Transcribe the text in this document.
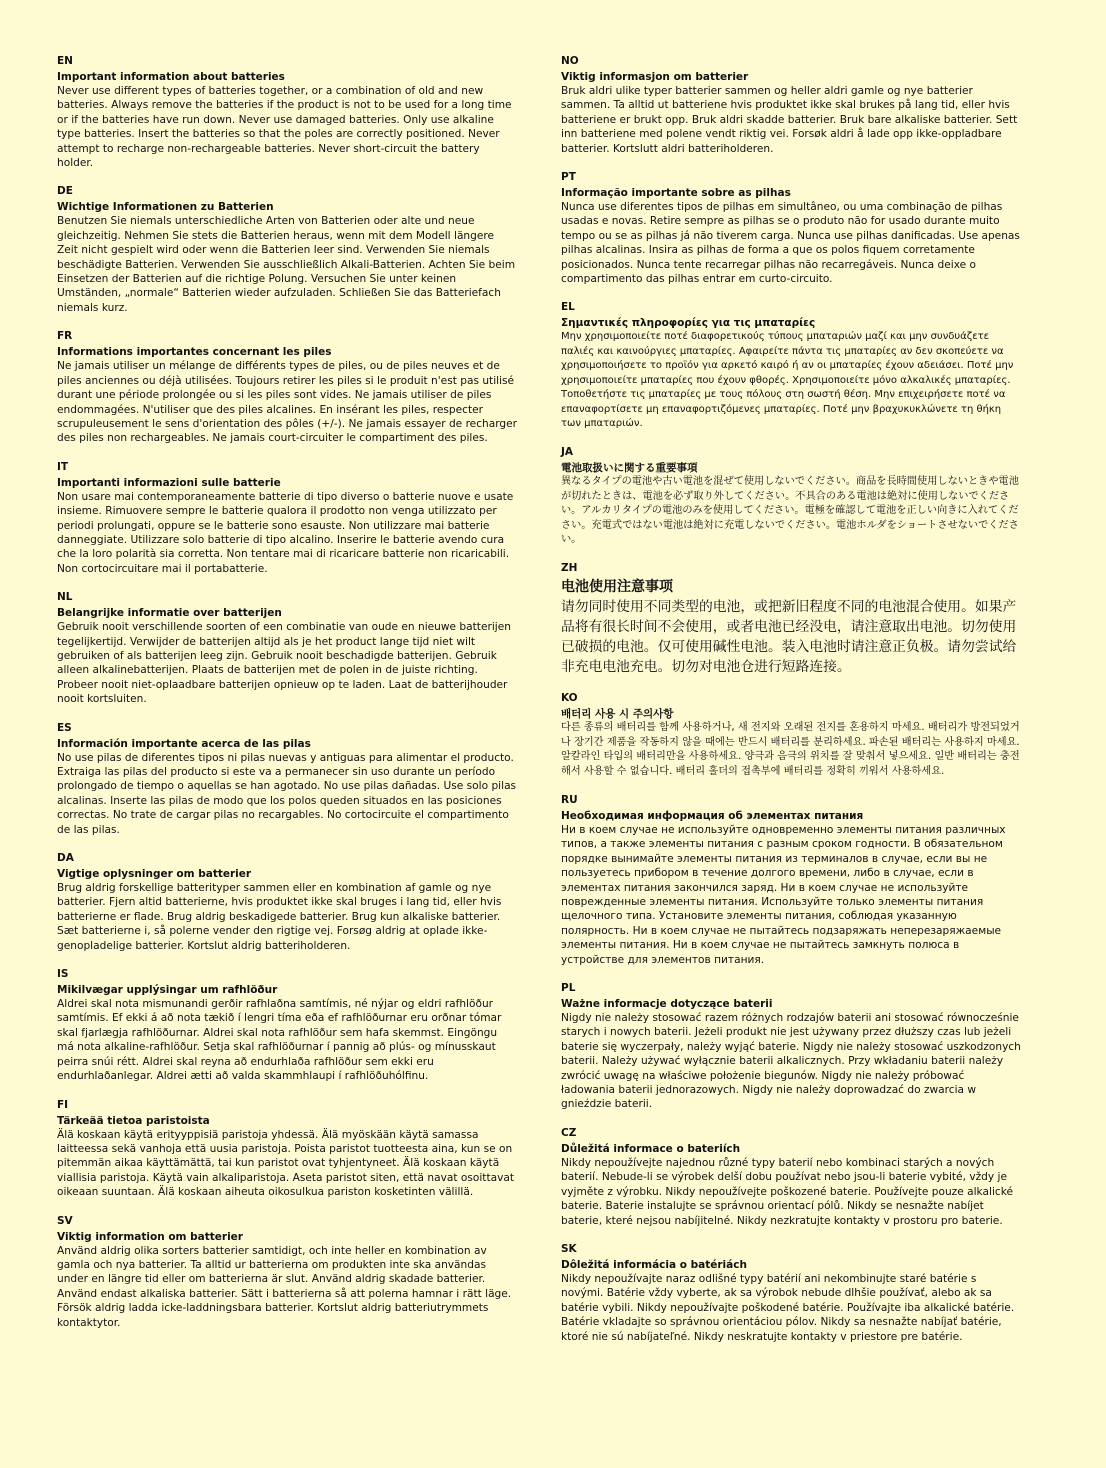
EN

Important information about batteries

Never use different types of batteries together, or a combination of old and new batteries. Always remove the batteries if the product is not to be used for a long time or if the batteries have run down. Never use damaged batteries. Only use alkaline type batteries. Insert the batteries so that the poles are correctly positioned. Never attempt to recharge non-rechargeable batteries. Never short-circuit the battery holder.

DE

Wichtige Informationen zu Batterien

Benutzen Sie niemals unterschiedliche Arten von Batterien oder alte und neue gleichzeitig. Nehmen Sie stets die Batterien heraus, wenn mit dem Modell längere Zeit nicht gespielt wird oder wenn die Batterien leer sind. Verwenden Sie niemals beschädigte Batterien. Verwenden Sie ausschließlich Alkali-Batterien. Achten Sie beim Einsetzen der Batterien auf die richtige Polung. Versuchen Sie unter keinen Umständen, „normale“ Batterien wieder aufzuladen. Schließen Sie das Batteriefach niemals kurz.

FR

Informations importantes concernant les piles

Ne jamais utiliser un mélange de différents types de piles, ou de piles neuves et de piles anciennes ou déjà utilisées. Toujours retirer les piles si le produit n'est pas utilisé durant une période prolongée ou si les piles sont vides. Ne jamais utiliser de piles endommagées. N'utiliser que des piles alcalines. En insérant les piles, respecter scrupuleusement le sens d'orientation des pôles (+/-). Ne jamais essayer de recharger des piles non rechargeables. Ne jamais court-circuiter le compartiment des piles.

IT

Importanti informazioni sulle batterie

Non usare mai contemporaneamente batterie di tipo diverso o batterie nuove e usate insieme. Rimuovere sempre le batterie qualora il prodotto non venga utilizzato per periodi prolungati, oppure se le batterie sono esauste. Non utilizzare mai batterie danneggiate. Utilizzare solo batterie di tipo alcalino. Inserire le batterie avendo cura che la loro polarità sia corretta. Non tentare mai di ricaricare batterie non ricaricabili. Non cortocircuitare mai il portabatterie.

NL

Belangrijke informatie over batterijen

Gebruik nooit verschillende soorten of een combinatie van oude en nieuwe batterijen tegelijkertijd. Verwijder de batterijen altijd als je het product lange tijd niet wilt gebruiken of als batterijen leeg zijn. Gebruik nooit beschadigde batterijen. Gebruik alleen alkalinebatterijen. Plaats de batterijen met de polen in de juiste richting. Probeer nooit niet-oplaadbare batterijen opnieuw op te laden. Laat de batterijhouder nooit kortsluiten.

ES

Información importante acerca de las pilas

No use pilas de diferentes tipos ni pilas nuevas y antiguas para alimentar el producto. Extraiga las pilas del producto si este va a permanecer sin uso durante un período prolongado de tiempo o aquellas se han agotado. No use pilas dañadas. Use solo pilas alcalinas. Inserte las pilas de modo que los polos queden situados en las posiciones correctas. No trate de cargar pilas no recargables. No cortocircuite el compartimento de las pilas.

DA

Vigtige oplysninger om batterier

Brug aldrig forskellige batterityper sammen eller en kombination af gamle og nye batterier. Fjern altid batterierne, hvis produktet ikke skal bruges i lang tid, eller hvis batterierne er flade. Brug aldrig beskadigede batterier. Brug kun alkaliske batterier. Sæt batterierne i, så polerne vender den rigtige vej. Forsøg aldrig at oplade ikke-genopladelige batterier. Kortslut aldrig batteriholderen.

IS

Mikilvægar upplýsingar um rafhlöður

Aldrei skal nota mismunandi gerðir rafhlaðna samtímis, né nýjar og eldri rafhlöður samtímis. Ef ekki á að nota tækið í lengri tíma eða ef rafhlöðurnar eru orðnar tómar skal fjarlægja rafhlöðurnar. Aldrei skal nota rafhlöður sem hafa skemmst. Eingöngu má nota alkaline-rafhlöður. Setja skal rafhlöðurnar í pannig að plús- og mínusskaut peirra snúi rétt. Aldrei skal reyna að endurhlaða rafhlöður sem ekki eru endurhlaðanlegar. Aldrei ætti að valda skammhlaupi í rafhlöðuhólfinu.

FI

Tärkeää tietoa paristoista

Älä koskaan käytä erityyppisiä paristoja yhdessä. Älä myöskään käytä samassa laitteessa sekä vanhoja että uusia paristoja. Poista paristot tuotteesta aina, kun se on pitemmän aikaa käyttämättä, tai kun paristot ovat tyhjentyneet. Älä koskaan käytä viallisia paristoja. Käytä vain alkaliparistoja. Aseta paristot siten, että navat osoittavat oikeaan suuntaan. Älä koskaan aiheuta oikosulkua pariston kosketinten välillä.

SV

Viktig information om batterier

Använd aldrig olika sorters batterier samtidigt, och inte heller en kombination av gamla och nya batterier. Ta alltid ur batterierna om produkten inte ska användas under en längre tid eller om batterierna är slut. Använd aldrig skadade batterier. Använd endast alkaliska batterier. Sätt i batterierna så att polerna hamnar i rätt läge. Försök aldrig ladda icke-laddningsbara batterier. Kortslut aldrig batteriutrymmets kontaktytor.

NO

Viktig informasjon om batterier

Bruk aldri ulike typer batterier sammen og heller aldri gamle og nye batterier sammen. Ta alltid ut batteriene hvis produktet ikke skal brukes på lang tid, eller hvis batteriene er brukt opp. Bruk aldri skadde batterier. Bruk bare alkaliske batterier. Sett inn batteriene med polene vendt riktig vei. Forsøk aldri å lade opp ikke-oppladbare batterier. Kortslutt aldri batteriholderen.

PT

Informação importante sobre as pilhas

Nunca use diferentes tipos de pilhas em simultâneo, ou uma combinação de pilhas usadas e novas. Retire sempre as pilhas se o produto não for usado durante muito tempo ou se as pilhas já não tiverem carga. Nunca use pilhas danificadas. Use apenas pilhas alcalinas. Insira as pilhas de forma a que os polos fiquem corretamente posicionados. Nunca tente recarregar pilhas não recarregáveis. Nunca deixe o compartimento das pilhas entrar em curto-circuito.

EL

Σημαντικές πληροφορίες για τις μπαταρίες

Μην χρησιμοποιείτε ποτέ διαφορετικούς τύπους μπαταριών μαζί και μην συνδυάζετε παλιές και καινούργιες μπαταρίες. Αφαιρείτε πάντα τις μπαταρίες αν δεν σκοπεύετε να χρησιμοποιήσετε το προϊόν για αρκετό καιρό ή αν οι μπαταρίες έχουν αδειάσει. Ποτέ μην χρησιμοποιείτε μπαταρίες που έχουν φθορές. Χρησιμοποιείτε μόνο αλκαλικές μπαταρίες. Τοποθετήστε τις μπαταρίες με τους πόλους στη σωστή θέση. Μην επιχειρήσετε ποτέ να επαναφορτίσετε μη επαναφορτιζόμενες μπαταρίες. Ποτέ μην βραχυκυκλώνετε τη θήκη των μπαταριών.

JA

電池取扱いに関する重要事項

異なるタイプの電池や古い電池を混ぜて使用しないでください。商品を長時間使用しないときや電池が切れたときは、電池を必ず取り外してください。不具合のある電池は絶対に使用しないでください。アルカリタイプの電池のみを使用してください。電極を確認して電池を正しい向きに入れてください。充電式ではない電池は絶対に充電しないでください。電池ホルダをショートさせないでください。

ZH

电池使用注意事项

请勿同时使用不同类型的电池，或把新旧程度不同的电池混合使用。如果产品将有很长时间不会使用，或者电池已经没电，请注意取出电池。切勿使用已破损的电池。仅可使用碱性电池。装入电池时请注意正负极。请勿尝试给非充电电池充电。切勿对电池仓进行短路连接。

KO

배터리 사용 시 주의사항

다른 종류의 배터리를 함께 사용하거나, 새 전지와 오래된 전지를 혼용하지 마세요. 배터리가 방전되었거나 장기간 제품을 작동하지 않을 때에는 반드시 배터리를 분리하세요. 파손된 배터리는 사용하지 마세요. 알칼라인 타입의 배터리만을 사용하세요. 양극과 음극의 위치를 잘 맞춰서 넣으세요. 일반 배터리는 충전해서 사용할 수 없습니다. 배터리 홀더의 접촉부에 배터리를 정확히 끼워서 사용하세요.

RU

Необходимая информация об элементах питания

Ни в коем случае не используйте одновременно элементы питания различных типов, а также элементы питания с разным сроком годности. В обязательном порядке вынимайте элементы питания из терминалов в случае, если вы не пользуетесь прибором в течение долгого времени, либо в случае, если в элементах питания закончился заряд. Ни в коем случае не используйте поврежденные элементы питания. Используйте только элементы питания щелочного типа. Установите элементы питания, соблюдая указанную полярность. Ни в коем случае не пытайтесь подзаряжать неперезаряжаемые элементы питания. Ни в коем случае не пытайтесь замкнуть полюса в устройстве для элементов питания.

PL

Ważne informacje dotyczące baterii

Nigdy nie należy stosować razem różnych rodzajów baterii ani stosować równocześnie starych i nowych baterii. Jeżeli produkt nie jest używany przez dłuższy czas lub jeżeli baterie się wyczerpały, należy wyjąć baterie. Nigdy nie należy stosować uszkodzonych baterii. Należy używać wyłącznie baterii alkalicznych. Przy wkładaniu baterii należy zwrócić uwagę na właściwe położenie biegunów. Nigdy nie należy próbować ładowania baterii jednorazowych. Nigdy nie należy doprowadzać do zwarcia w gnieździe baterii.

CZ

Důležitá informace o bateriích

Nikdy nepoužívejte najednou různé typy baterií nebo kombinaci starých a nových baterií. Nebude-li se výrobek delší dobu používat nebo jsou-li baterie vybité, vždy je vyjměte z výrobku. Nikdy nepoužívejte poškozené baterie. Používejte pouze alkalické baterie. Baterie instalujte se správnou orientací pólů. Nikdy se nesnažte nabíjet baterie, které nejsou nabíjitelné. Nikdy nezkratujte kontakty v prostoru pro baterie.

SK

Dôležitá informácia o batériách

Nikdy nepoužívajte naraz odlišné typy batérií ani nekombinujte staré batérie s novými. Batérie vždy vyberte, ak sa výrobok nebude dlhšie používať, alebo ak sa batérie vybili. Nikdy nepoužívajte poškodené batérie. Používajte iba alkalické batérie. Batérie vkladajte so správnou orientáciou pólov. Nikdy sa nesnažte nabíjať batérie, ktoré nie sú nabíjateľné. Nikdy neskratujte kontakty v priestore pre batérie.
